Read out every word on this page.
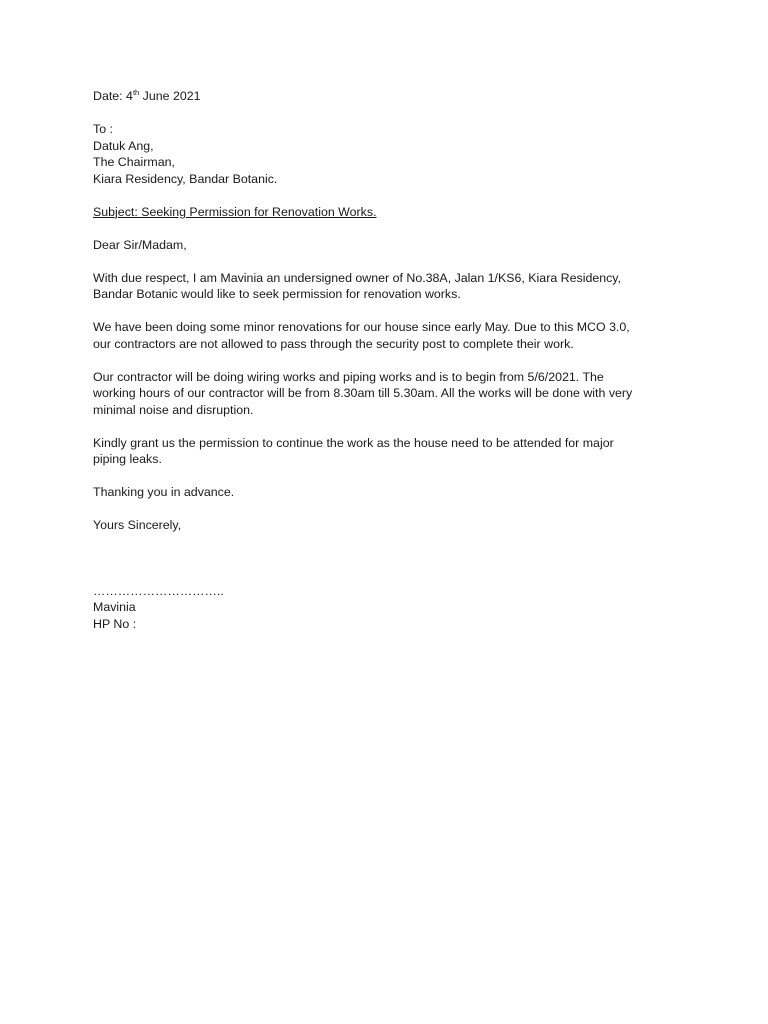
Date: 4th June 2021

To :

Datuk Ang,

The Chairman,

Kiara Residency, Bandar Botanic.

Subject: Seeking Permission for Renovation Works.

Dear Sir/Madam,

With due respect, I am Mavinia an undersigned owner of No.38A, Jalan 1/KS6, Kiara Residency,

Bandar Botanic would like to seek permission for renovation works.

We have been doing some minor renovations for our house since early May. Due to this MCO 3.0,

our contractors are not allowed to pass through the security post to complete their work.

Our contractor will be doing wiring works and piping works and is to begin from 5/6/2021. The

working hours of our contractor will be from 8.30am till 5.30am. All the works will be done with very

minimal noise and disruption.

Kindly grant us the permission to continue the work as the house need to be attended for major

piping leaks.

Thanking you in advance.

Yours Sincerely,

…………………………..

Mavinia

HP No :
